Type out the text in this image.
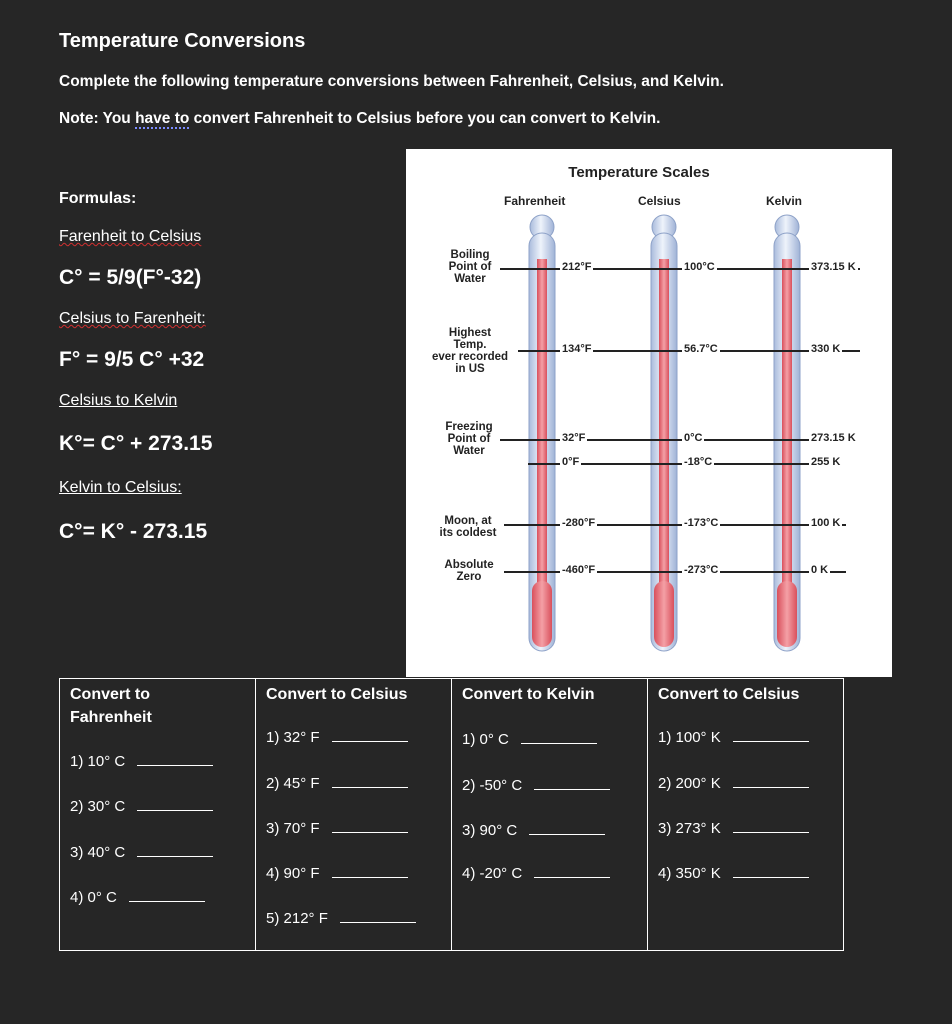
Temperature Conversions
Complete the following temperature conversions between Fahrenheit, Celsius, and Kelvin.
Note: You have to convert Fahrenheit to Celsius before you can convert to Kelvin.
Formulas:
Farenheit to Celsius
C° = 5/9(F°-32)
Celsius to Farenheit:
F° = 9/5 C° +32
Celsius to Kelvin
K°= C° + 273.15
Kelvin to Celsius:
C°= K° - 273.15
Temperature Scales
Fahrenheit	Celsius	Kelvin
Boiling
Point of
Water
Highest
Temp.
ever recorded
in US
Freezing
Point of
Water
Moon, at
its coldest
Absolute
Zero
212°F
134°F
32°F
0°F
-280°F
-460°F
100°C
56.7°C
0°C
-18°C
-173°C
-273°C
373.15 K
330 K
273.15 K
255 K
100 K
0 K
Convert to
Fahrenheit
1) 10° C
2) 30° C
3) 40° C
4) 0° C
Convert to Celsius
1) 32° F
2) 45° F
3) 70° F
4) 90° F
5) 212° F
Convert to Kelvin
1) 0° C
2) -50° C
3) 90° C
4) -20° C
Convert to Celsius
1) 100° K
2) 200° K
3) 273° K
4) 350° K
